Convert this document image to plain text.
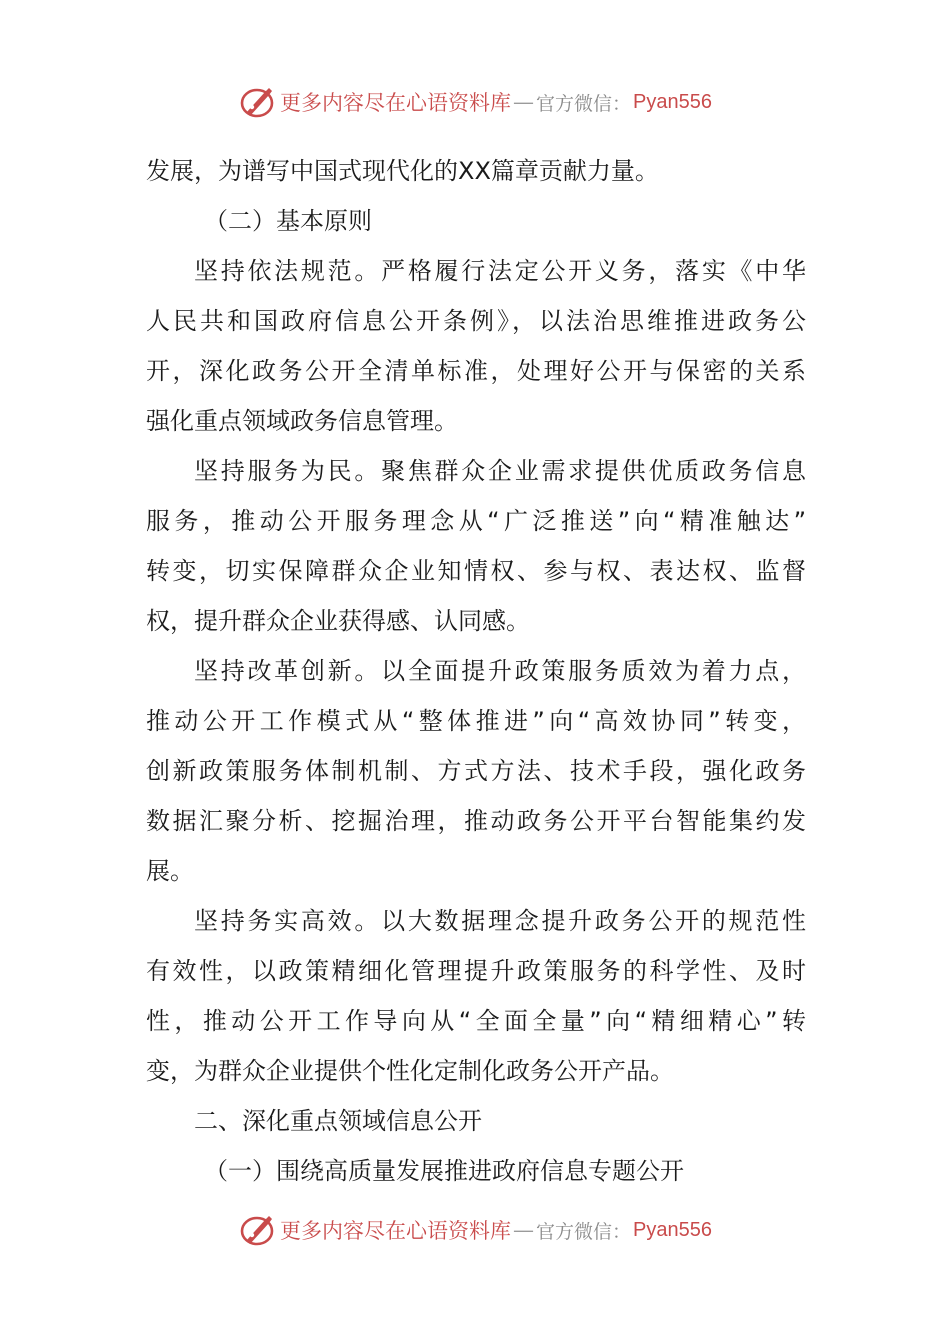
更多内容尽在心语资料库 — 官方微信： Pyan556
发展，为谱写中国式现代化的XX篇章贡献力量。
（二）基本原则
坚持依法规范。严格履行法定公开义务，落实《中华
人民共和国政府信息公开条例》，以法治思维推进政务公
开，深化政务公开全清单标准，处理好公开与保密的关系
强化重点领域政务信息管理。
坚持服务为民。聚焦群众企业需求提供优质政务信息
服务，推动公开服务理念从“广泛推送”向“精准触达”
转变，切实保障群众企业知情权、参与权、表达权、监督
权，提升群众企业获得感、认同感。
坚持改革创新。以全面提升政策服务质效为着力点，
推动公开工作模式从“整体推进”向“高效协同”转变，
创新政策服务体制机制、方式方法、技术手段，强化政务
数据汇聚分析、挖掘治理，推动政务公开平台智能集约发
展。
坚持务实高效。以大数据理念提升政务公开的规范性
有效性，以政策精细化管理提升政策服务的科学性、及时
性，推动公开工作导向从“全面全量”向“精细精心”转
变，为群众企业提供个性化定制化政务公开产品。
二、深化重点领域信息公开
（一）围绕高质量发展推进政府信息专题公开
更多内容尽在心语资料库 — 官方微信： Pyan556
